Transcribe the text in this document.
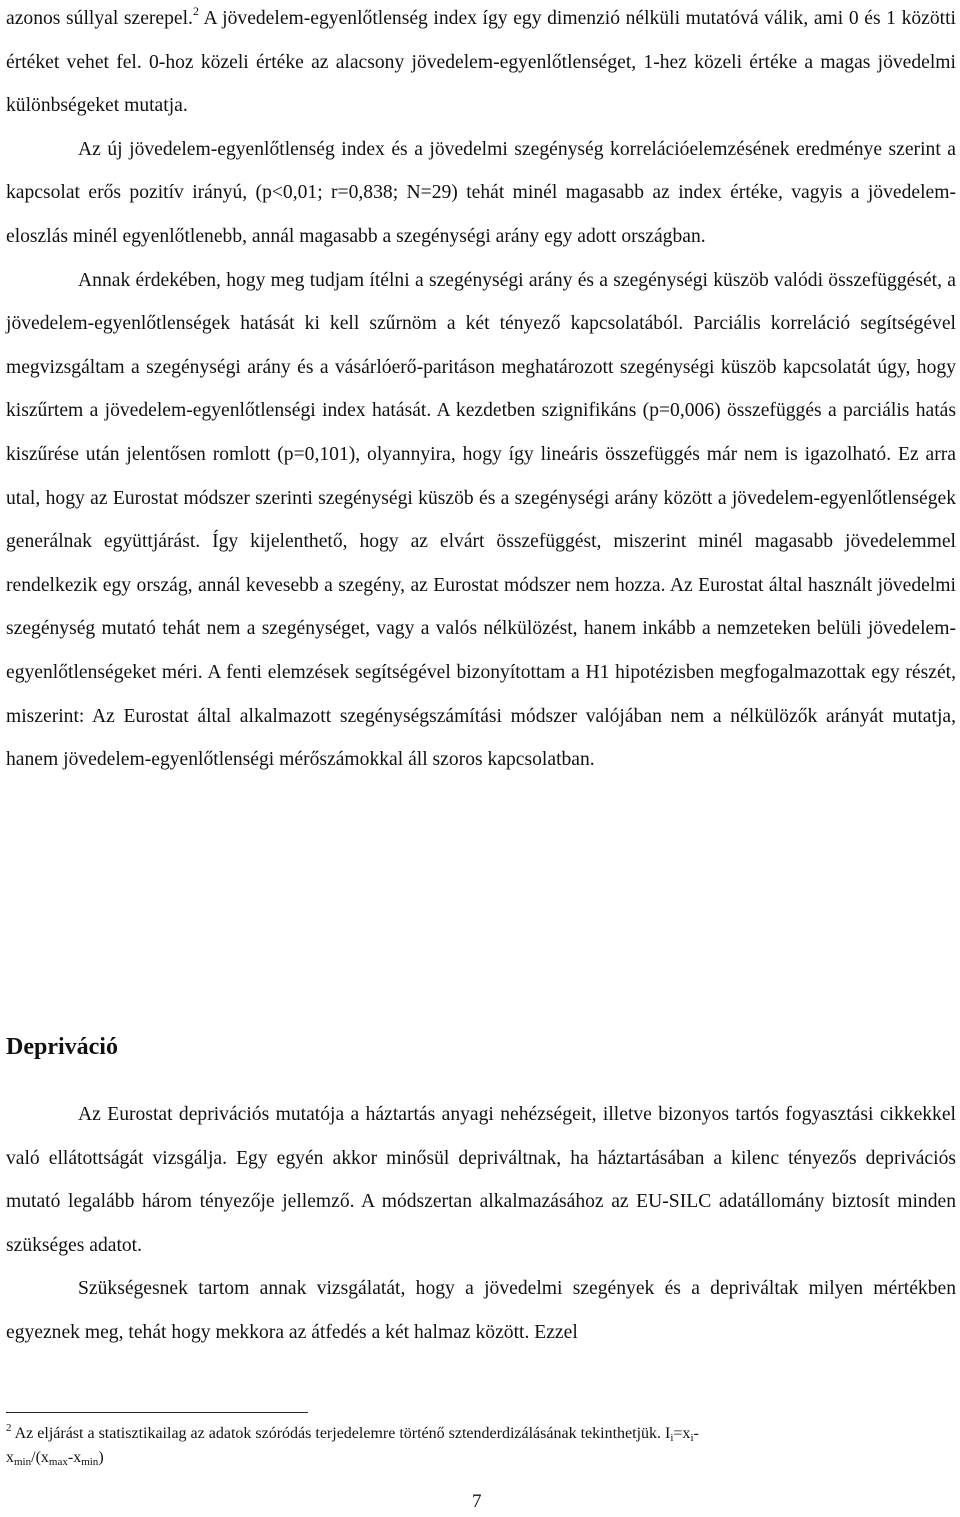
azonos súllyal szerepel.$^2$ A jövedelem-egyenlőtlenség index így egy dimenzió nélküli mutatóvá válik, ami 0 és 1 közötti értéket vehet fel. 0-hoz közeli értéke az alacsony jövedelem-egyenlőtlenséget, 1-hez közeli értéke a magas jövedelmi különbségeket mutatja.

Az új jövedelem-egyenlőtlenség index és a jövedelmi szegénység korrelációelemzésének eredménye szerint a kapcsolat erős pozitív irányú, (p<0,01; r=0,838; N=29) tehát minél magasabb az index értéke, vagyis a jövedelem-eloszlás minél egyenlőtlenebb, annál magasabb a szegénységi arány egy adott országban.

Annak érdekében, hogy meg tudjam ítélni a szegénységi arány és a szegénységi küszöb valódi összefüggését, a jövedelem-egyenlőtlenségek hatását ki kell szűrnöm a két tényező kapcsolatából. Parciális korreláció segítségével megvizsgáltam a szegénységi arány és a vásárlóerő-paritáson meghatározott szegénységi küszöb kapcsolatát úgy, hogy kiszűrtem a jövedelem-egyenlőtlenségi index hatását. A kezdetben szignifikáns (p=0,006) összefüggés a parciális hatás kiszűrése után jelentősen romlott (p=0,101), olyannyira, hogy így lineáris összefüggés már nem is igazolható. Ez arra utal, hogy az Eurostat módszer szerinti szegénységi küszöb és a szegénységi arány között a jövedelem-egyenlőtlenségek generálnak együttjárást. Így kijelenthető, hogy az elvárt összefüggést, miszerint minél magasabb jövedelemmel rendelkezik egy ország, annál kevesebb a szegény, az Eurostat módszer nem hozza. Az Eurostat által használt jövedelmi szegénység mutató tehát nem a szegénységet, vagy a valós nélkülözést, hanem inkább a nemzeteken belüli jövedelem-egyenlőtlenségeket méri. A fenti elemzések segítségével bizonyítottam a H1 hipotézisben megfogalmazottak egy részét, miszerint: Az Eurostat által alkalmazott szegénységszámítási módszer valójában nem a nélkülözők arányát mutatja, hanem jövedelem-egyenlőtlenségi mérőszámokkal áll szoros kapcsolatban.

Depriváció

Az Eurostat deprivációs mutatója a háztartás anyagi nehézségeit, illetve bizonyos tartós fogyasztási cikkekkel való ellátottságát vizsgálja. Egy egyén akkor minősül depriváltnak, ha háztartásában a kilenc tényezős deprivációs mutató legalább három tényezője jellemző. A módszertan alkalmazásához az EU-SILC adatállomány biztosít minden szükséges adatot.

Szükségesnek tartom annak vizsgálatát, hogy a jövedelmi szegények és a depriváltak milyen mértékben egyeznek meg, tehát hogy mekkora az átfedés a két halmaz között. Ezzel

$^2$ Az eljárást a statisztikailag az adatok szóródás terjedelemre történő sztenderdizálásának tekinthetjük. $I_i=x_i-$
$x_{min}/(x_{max}-x_{min})$

7
